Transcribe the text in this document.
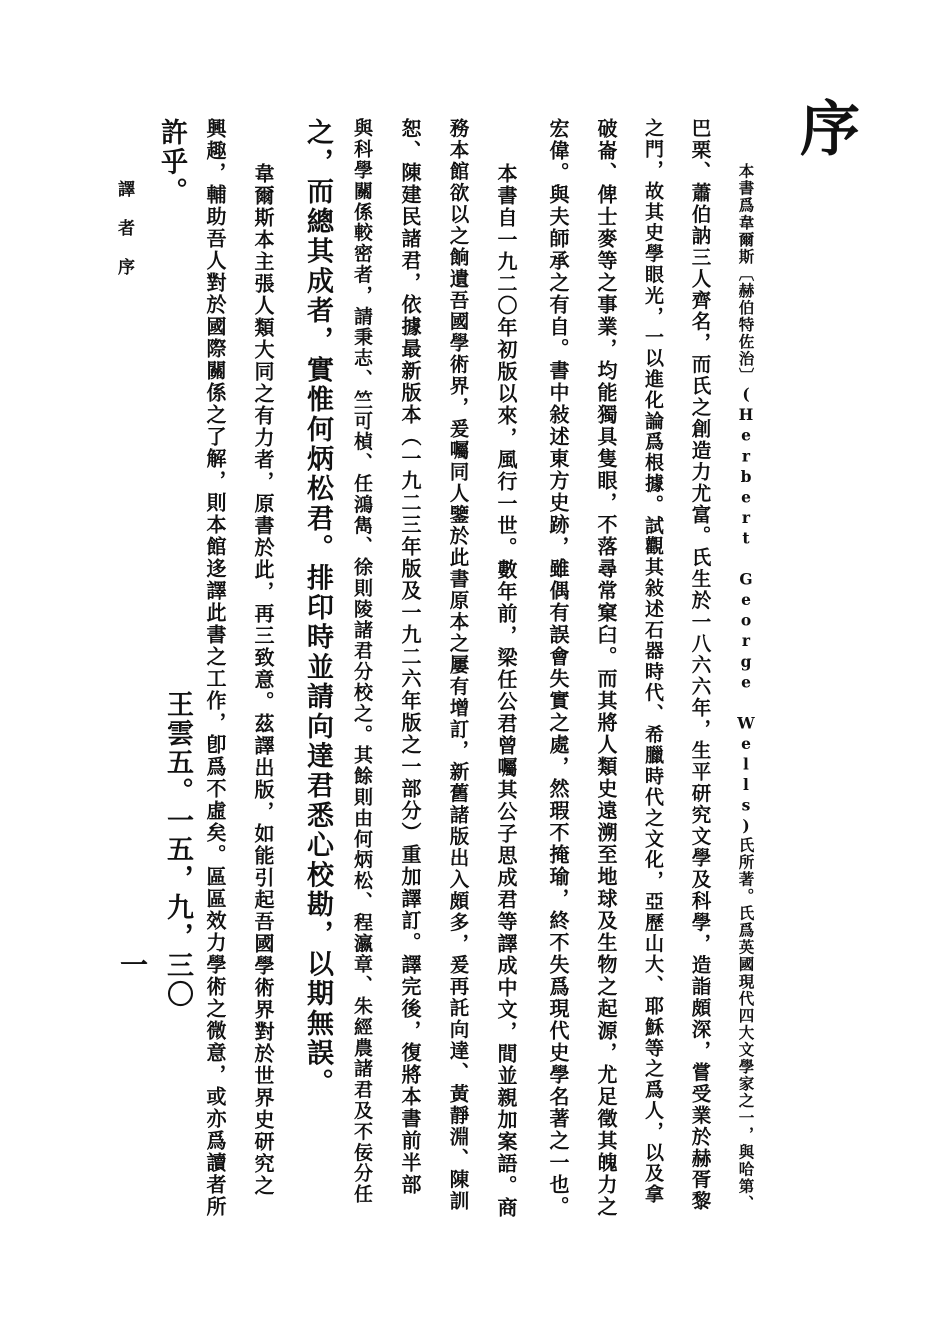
序
本書爲韋爾斯〔赫伯特佐治〕(Herbert George Wells)氏所著。氏爲英國現代四大文學家之一，與哈第、
巴栗、蕭伯訥三人齊名，而氏之創造力尤富。氏生於一八六六年，生平研究文學及科學，造詣頗深，嘗受業於赫胥黎
之門，故其史學眼光，一以進化論爲根據。試觀其敍述石器時代、希臘時代之文化，亞歷山大、耶穌等之爲人，以及拿
破崙、俾士麥等之事業，均能獨具隻眼，不落尋常窠臼。而其將人類史遠溯至地球及生物之起源，尤足徵其魄力之
宏偉。與夫師承之有自。書中敍述東方史跡，雖偶有誤會失實之處，然瑕不掩瑜，終不失爲現代史學名著之一也。
本書自一九二〇年初版以來，風行一世。數年前，梁任公君曾囑其公子思成君等譯成中文，間並親加案語。商
務本館欲以之餉遺吾國學術界，爰囑同人鑒於此書原本之屢有增訂，新舊諸版出入頗多，爰再託向達、黃靜淵、陳訓
恕、陳建民諸君，依據最新版本（一九二三年版及一九二六年版之一部分）重加譯訂。譯完後，復將本書前半部
與科學關係較密者，請秉志、竺可楨、任鴻雋、徐則陵諸君分校之。其餘則由何炳松、程瀛章、朱經農諸君及不佞分任
之，而總其成者，實惟何炳松君。排印時並請向達君悉心校勘，以期無誤。
韋爾斯本主張人類大同之有力者，原書於此，再三致意。茲譯出版，如能引起吾國學術界對於世界史研究之
興趣，輔助吾人對於國際關係之了解，則本館迻譯此書之工作，卽爲不虛矣。區區效力學術之微意，或亦爲讀者所
許乎。
王雲五。一五，九，三〇
譯者序
一
